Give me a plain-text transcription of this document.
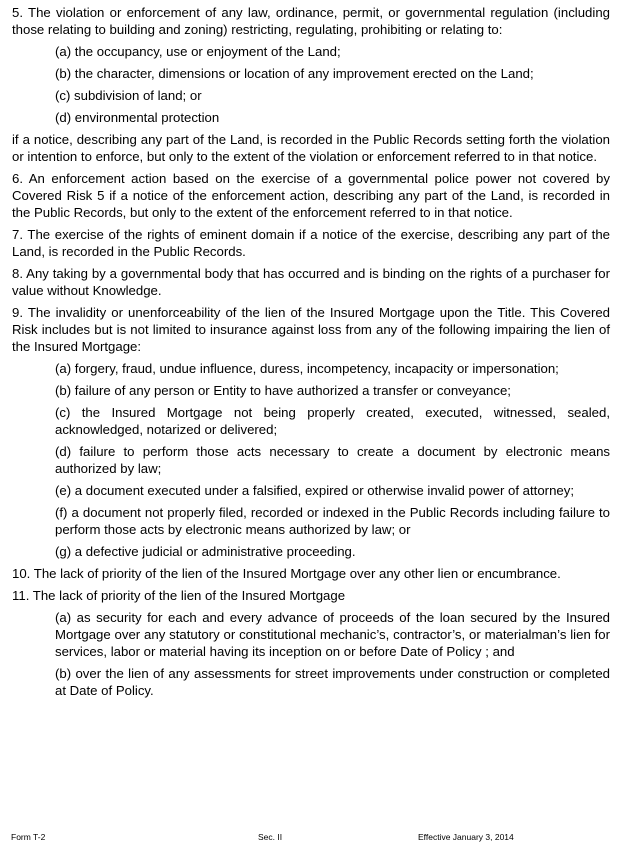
5. The violation or enforcement of any law, ordinance, permit, or governmental regulation (including those relating to building and zoning) restricting, regulating, prohibiting or relating to:

(a) the occupancy, use or enjoyment of the Land;

(b) the character, dimensions or location of any improvement erected on the Land;

(c) subdivision of land; or

(d) environmental protection

if a notice, describing any part of the Land, is recorded in the Public Records setting forth the violation or intention to enforce, but only to the extent of the violation or enforcement referred to in that notice.

6. An enforcement action based on the exercise of a governmental police power not covered by Covered Risk 5 if a notice of the enforcement action, describing any part of the Land, is recorded in the Public Records, but only to the extent of the enforcement referred to in that notice.

7. The exercise of the rights of eminent domain if a notice of the exercise, describing any part of the Land, is recorded in the Public Records.

8. Any taking by a governmental body that has occurred and is binding on the rights of a purchaser for value without Knowledge.

9. The invalidity or unenforceability of the lien of the Insured Mortgage upon the Title. This Covered Risk includes but is not limited to insurance against loss from any of the following impairing the lien of the Insured Mortgage:

(a) forgery, fraud, undue influence, duress, incompetency, incapacity or impersonation;

(b) failure of any person or Entity to have authorized a transfer or conveyance;

(c) the Insured Mortgage not being properly created, executed, witnessed, sealed, acknowledged, notarized or delivered;

(d) failure to perform those acts necessary to create a document by electronic means authorized by law;

(e) a document executed under a falsified, expired or otherwise invalid power of attorney;

(f) a document not properly filed, recorded or indexed in the Public Records including failure to perform those acts by electronic means authorized by law; or

(g) a defective judicial or administrative proceeding.

10. The lack of priority of the lien of the Insured Mortgage over any other lien or encumbrance.

11. The lack of priority of the lien of the Insured Mortgage

(a) as security for each and every advance of proceeds of the loan secured by the Insured Mortgage over any statutory or constitutional mechanic’s, contractor’s, or materialman’s lien for services, labor or material having its inception on or before Date of Policy ; and

(b) over the lien of any assessments for street improvements under construction or completed at Date of Policy.

Form T-2	Sec. II	Effective January 3, 2014
